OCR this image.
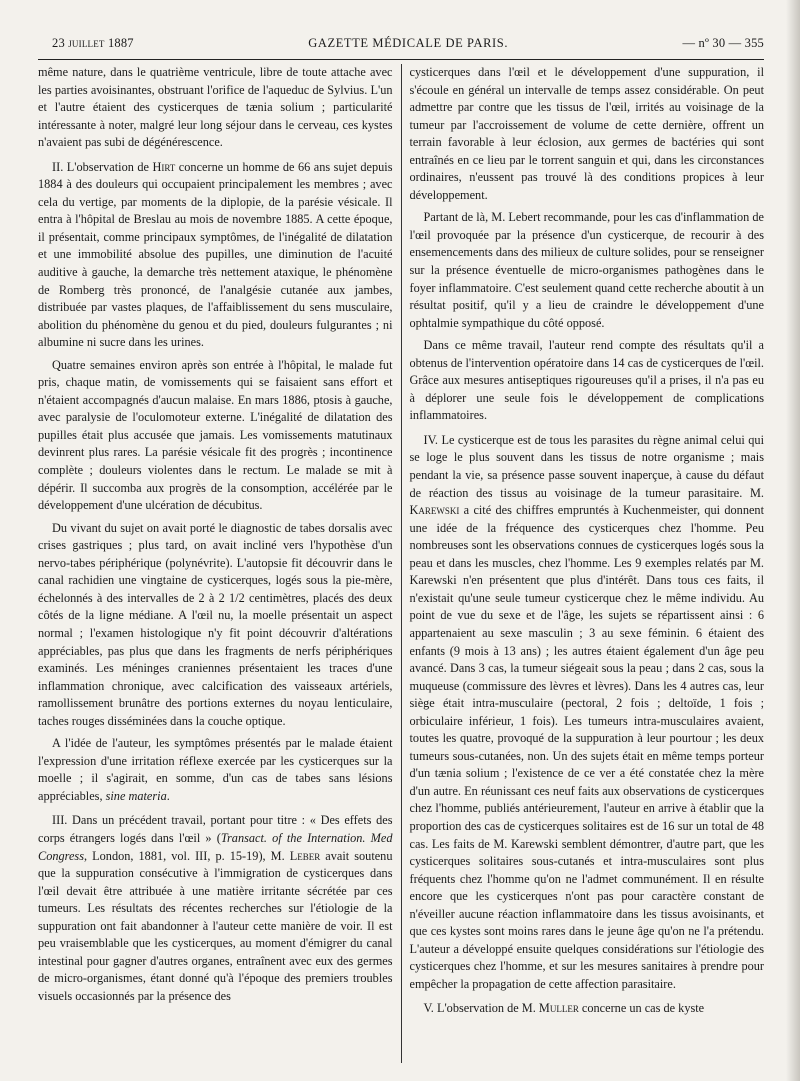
23 juillet 1887	GAZETTE MÉDICALE DE PARIS.	— nº 30 — 355

même nature, dans le quatrième ventricule, libre de toute attache avec les parties avoisinantes, obstruant l'orifice de l'aqueduc de Sylvius. L'un et l'autre étaient des cysticerques de tænia solium ; particularité intéressante à noter, malgré leur long séjour dans le cerveau, ces kystes n'avaient pas subi de dégénérescence.

II. L'observation de Hirt concerne un homme de 66 ans sujet depuis 1884 à des douleurs qui occupaient principalement les membres ; avec cela du vertige, par moments de la diplopie, de la parésie vésicale. Il entra à l'hôpital de Breslau au mois de novembre 1885. A cette époque, il présentait, comme principaux symptômes, de l'inégalité de dilatation et une immobilité absolue des pupilles, une diminution de l'acuité auditive à gauche, la demarche très nettement ataxique, le phénomène de Romberg très prononcé, de l'analgésie cutanée aux jambes, distribuée par vastes plaques, de l'affaiblissement du sens musculaire, abolition du phénomène du genou et du pied, douleurs fulgurantes ; ni albumine ni sucre dans les urines.

Quatre semaines environ après son entrée à l'hôpital, le malade fut pris, chaque matin, de vomissements qui se faisaient sans effort et n'étaient accompagnés d'aucun malaise. En mars 1886, ptosis à gauche, avec paralysie de l'oculomoteur externe. L'inégalité de dilatation des pupilles était plus accusée que jamais. Les vomissements matutinaux devinrent plus rares. La parésie vésicale fit des progrès ; incontinence complète ; douleurs violentes dans le rectum. Le malade se mit à dépérir. Il succomba aux progrès de la consomption, accélérée par le développement d'une ulcération de décubitus.

Du vivant du sujet on avait porté le diagnostic de tabes dorsalis avec crises gastriques ; plus tard, on avait incliné vers l'hypothèse d'un nervo-tabes périphérique (polynévrite). L'autopsie fit découvrir dans le canal rachidien une vingtaine de cysticerques, logés sous la pie-mère, échelonnés à des intervalles de 2 à 2 1/2 centimètres, placés des deux côtés de la ligne médiane. A l'œil nu, la moelle présentait un aspect normal ; l'examen histologique n'y fit point découvrir d'altérations appréciables, pas plus que dans les fragments de nerfs périphériques examinés. Les méninges craniennes présentaient les traces d'une inflammation chronique, avec calcification des vaisseaux artériels, ramollissement brunâtre des portions externes du noyau lenticulaire, taches rouges disséminées dans la couche optique.

A l'idée de l'auteur, les symptômes présentés par le malade étaient l'expression d'une irritation réflexe exercée par les cysticerques sur la moelle ; il s'agirait, en somme, d'un cas de tabes sans lésions appréciables, sine materia.

III. Dans un précédent travail, portant pour titre : « Des effets des corps étrangers logés dans l'œil » (Transact. of the Internation. Med Congress, London, 1881, vol. III, p. 15-19), M. Leber avait soutenu que la suppuration consécutive à l'immigration de cysticerques dans l'œil devait être attribuée à une matière irritante sécrétée par ces tumeurs. Les résultats des récentes recherches sur l'étiologie de la suppuration ont fait abandonner à l'auteur cette manière de voir. Il est peu vraisemblable que les cysticerques, au moment d'émigrer du canal intestinal pour gagner d'autres organes, entraînent avec eux des germes de micro-organismes, étant donné qu'à l'époque des premiers troubles visuels occasionnés par la présence des

cysticerques dans l'œil et le développement d'une suppuration, il s'écoule en général un intervalle de temps assez considérable. On peut admettre par contre que les tissus de l'œil, irrités au voisinage de la tumeur par l'accroissement de volume de cette dernière, offrent un terrain favorable à leur éclosion, aux germes de bactéries qui sont entraînés en ce lieu par le torrent sanguin et qui, dans les circonstances ordinaires, n'eussent pas trouvé là des conditions propices à leur développement.

Partant de là, M. Lebert recommande, pour les cas d'inflammation de l'œil provoquée par la présence d'un cysticerque, de recourir à des ensemencements dans des milieux de culture solides, pour se renseigner sur la présence éventuelle de micro-organismes pathogènes dans le foyer inflammatoire. C'est seulement quand cette recherche aboutit à un résultat positif, qu'il y a lieu de craindre le développement d'une ophtalmie sympathique du côté opposé.

Dans ce même travail, l'auteur rend compte des résultats qu'il a obtenus de l'intervention opératoire dans 14 cas de cysticerques de l'œil. Grâce aux mesures antiseptiques rigoureuses qu'il a prises, il n'a pas eu à déplorer une seule fois le développement de complications inflammatoires.

IV. Le cysticerque est de tous les parasites du règne animal celui qui se loge le plus souvent dans les tissus de notre organisme ; mais pendant la vie, sa présence passe souvent inaperçue, à cause du défaut de réaction des tissus au voisinage de la tumeur parasitaire. M. Karewski a cité des chiffres empruntés à Kuchenmeister, qui donnent une idée de la fréquence des cysticerques chez l'homme. Peu nombreuses sont les observations connues de cysticerques logés sous la peau et dans les muscles, chez l'homme. Les 9 exemples relatés par M. Karewski n'en présentent que plus d'intérêt. Dans tous ces faits, il n'existait qu'une seule tumeur cysticerque chez le même individu. Au point de vue du sexe et de l'âge, les sujets se répartissent ainsi : 6 appartenaient au sexe masculin ; 3 au sexe féminin. 6 étaient des enfants (9 mois à 13 ans) ; les autres étaient également d'un âge peu avancé. Dans 3 cas, la tumeur siégeait sous la peau ; dans 2 cas, sous la muqueuse (commissure des lèvres et lèvres). Dans les 4 autres cas, leur siège était intra-musculaire (pectoral, 2 fois ; deltoïde, 1 fois ; orbiculaire inférieur, 1 fois). Les tumeurs intra-musculaires avaient, toutes les quatre, provoqué de la suppuration à leur pourtour ; les deux tumeurs sous-cutanées, non. Un des sujets était en même temps porteur d'un tænia solium ; l'existence de ce ver a été constatée chez la mère d'un autre. En réunissant ces neuf faits aux observations de cysticerques chez l'homme, publiés antérieurement, l'auteur en arrive à établir que la proportion des cas de cysticerques solitaires est de 16 sur un total de 48 cas. Les faits de M. Karewski semblent démontrer, d'autre part, que les cysticerques solitaires sous-cutanés et intra-musculaires sont plus fréquents chez l'homme qu'on ne l'admet communément. Il en résulte encore que les cysticerques n'ont pas pour caractère constant de n'éveiller aucune réaction inflammatoire dans les tissus avoisinants, et que ces kystes sont moins rares dans le jeune âge qu'on ne l'a prétendu. L'auteur a développé ensuite quelques considérations sur l'étiologie des cysticerques chez l'homme, et sur les mesures sanitaires à prendre pour empêcher la propagation de cette affection parasitaire.

V. L'observation de M. Muller concerne un cas de kyste
